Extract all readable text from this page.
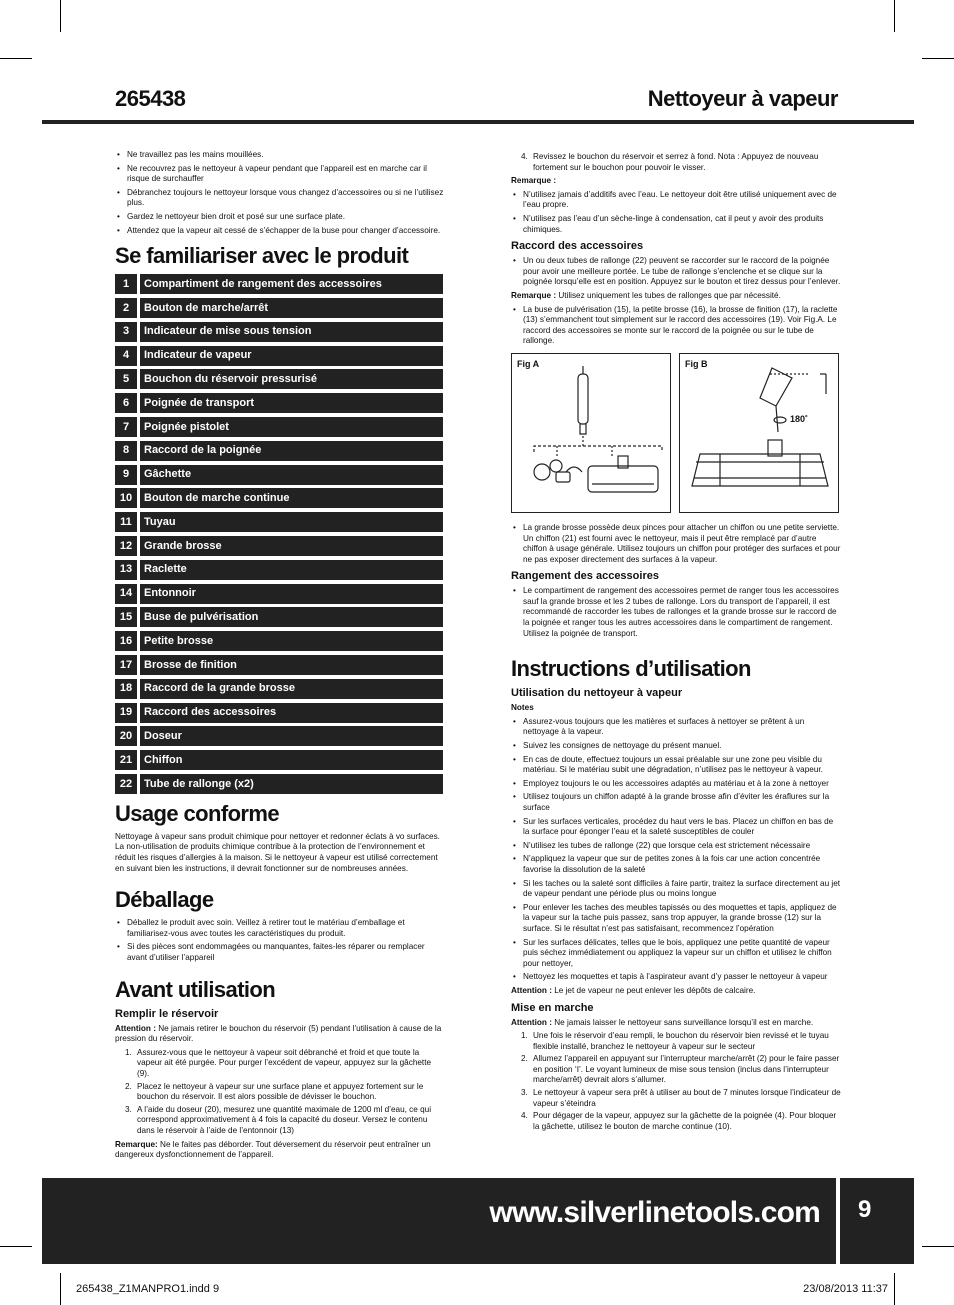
265438	Nettoyeur à vapeur
• Ne travaillez pas les mains mouillées.
• Ne recouvrez pas le nettoyeur à vapeur pendant que l’appareil est en marche car il risque de surchauffer
• Débranchez toujours le nettoyeur lorsque vous changez d’accessoires ou si ne l’utilisez plus.
• Gardez le nettoyeur bien droit et posé sur une surface plate.
• Attendez que la vapeur ait cessé de s’échapper de la buse pour changer d’accessoire.
Se familiariser avec le produit
1	Compartiment de rangement des accessoires
2	Bouton de marche/arrêt
3	Indicateur de mise sous tension
4	Indicateur de vapeur
5	Bouchon du réservoir pressurisé
6	Poignée de transport
7	Poignée pistolet
8	Raccord de la poignée
9	Gâchette
10	Bouton de marche continue
11	Tuyau
12	Grande brosse
13	Raclette
14	Entonnoir
15	Buse de pulvérisation
16	Petite brosse
17	Brosse de finition
18	Raccord de la grande brosse
19	Raccord des accessoires
20	Doseur
21	Chiffon
22	Tube de rallonge (x2)
Usage conforme

Nettoyage à vapeur sans produit chimique pour nettoyer et redonner éclats à vo surfaces. La non-utilisation de produits chimique contribue à la protection de l’environnement et réduit les risques d’allergies à la maison. Si le nettoyeur à vapeur est utilisé correctement en suivant bien les instructions, il devrait fonctionner sur de nombreuses années.

Déballage
• Déballez le produit avec soin. Veillez à retirer tout le matériau d’emballage et familiarisez-vous avec toutes les caractéristiques du produit.
• Si des pièces sont endommagées ou manquantes, faites-les réparer ou remplacer avant d’utiliser l’appareil
Avant utilisation
Remplir le réservoir

Attention : Ne jamais retirer le bouchon du réservoir (5) pendant l’utilisation à cause de la pression du réservoir.

1. Assurez-vous que le nettoyeur à vapeur soit débranché et froid et que toute la vapeur ait été purgée. Pour purger l’excédent de vapeur, appuyez sur la gâchette (9).
2. Placez le nettoyeur à vapeur sur une surface plane et appuyez fortement sur le bouchon du réservoir. Il est alors possible de dévisser le bouchon.
3. A l’aide du doseur (20), mesurez une quantité maximale de 1200 ml d’eau, ce qui correspond approximativement à 4 fois la capacité du doseur. Versez le contenu dans le réservoir à l’aide de l’entonnoir (13)

Remarque: Ne le faites pas déborder. Tout déversement du réservoir peut entraîner un dangereux dysfonctionnement de l’appareil.

4. Revissez le bouchon du réservoir et serrez à fond. Nota : Appuyez de nouveau fortement sur le bouchon pour pouvoir le visser.
Remarque :
• N’utilisez jamais d’additifs avec l’eau. Le nettoyeur doit être utilisé uniquement avec de l’eau propre.
• N’utilisez pas l’eau d’un sèche-linge à condensation, cat il peut y avoir des produits chimiques.
Raccord des accessoires
• Un ou deux tubes de rallonge (22) peuvent se raccorder sur le raccord de la poignée pour avoir une meilleure portée. Le tube de rallonge s’enclenche et se clique sur la poignée lorsqu’elle est en position. Appuyez sur le bouton et tirez dessus pour l’enlever.

Remarque : Utilisez uniquement les tubes de rallonges que par nécessité.

• La buse de pulvérisation (15), la petite brosse (16), la brosse de finition (17), la raclette (13) s’emmanchent tout simplement sur le raccord des accessoires (19). Voir Fig.A. Le raccord des accessoires se monte sur le raccord de la poignée ou sur le tube de rallonge.
Fig A	Fig B
180˚
• La grande brosse possède deux pinces pour attacher un chiffon ou une petite serviette. Un chiffon (21) est fourni avec le nettoyeur, mais il peut être remplacé par d’autre chiffon à usage générale. Utilisez toujours un chiffon pour protéger des surfaces et pour ne pas exposer directement des surfaces à la vapeur.
Rangement des accessoires
• Le compartiment de rangement des accessoires permet de ranger tous les accessoires sauf la grande brosse et les 2 tubes de rallonge. Lors du transport de l’appareil, il est recommandé de raccorder les tubes de rallonges et la grande brosse sur le raccord de la poignée et ranger tous les autres accessoires dans le compartiment de rangement. Utilisez la poignée de transport.
Instructions d’utilisation
Utilisation du nettoyeur à vapeur
Notes
• Assurez-vous toujours que les matières et surfaces à nettoyer se prêtent à un nettoyage à la vapeur.
• Suivez les consignes de nettoyage du présent manuel.
• En cas de doute, effectuez toujours un essai préalable sur une zone peu visible du matériau. Si le matériau subit une dégradation, n’utilisez pas le nettoyeur à vapeur.
• Employez toujours le ou les accessoires adaptés au matériau et à la zone à nettoyer
• Utilisez toujours un chiffon adapté à la grande brosse afin d’éviter les éraflures sur la surface
• Sur les surfaces verticales, procédez du haut vers le bas. Placez un chiffon en bas de la surface pour éponger l’eau et la saleté susceptibles de couler
• N’utilisez les tubes de rallonge (22) que lorsque cela est strictement nécessaire
• N’appliquez la vapeur que sur de petites zones à la fois car une action concentrée favorise la dissolution de la saleté
• Si les taches ou la saleté sont difficiles à faire partir, traitez la surface directement au jet de vapeur pendant une période plus ou moins longue
• Pour enlever les taches des meubles tapissés ou des moquettes et tapis, appliquez de la vapeur sur la tache puis passez, sans trop appuyer, la grande brosse (12) sur la surface. Si le résultat n’est pas satisfaisant, recommencez l’opération
• Sur les surfaces délicates, telles que le bois, appliquez une petite quantité de vapeur puis séchez immédiatement ou appliquez la vapeur sur un chiffon et utilisez le chiffon pour nettoyer,
• Nettoyez les moquettes et tapis à l’aspirateur avant d’y passer le nettoyeur à vapeur

Attention : Le jet de vapeur ne peut enlever les dépôts de calcaire.

Mise en marche

Attention : Ne jamais laisser le nettoyeur sans surveillance lorsqu’il est en marche.

1. Une fois le réservoir d’eau rempli, le bouchon du réservoir bien revissé et le tuyau flexible installé, branchez le nettoyeur à vapeur sur le secteur
2. Allumez l’appareil en appuyant sur l’interrupteur marche/arrêt (2) pour le faire passer en position ‘I’. Le voyant lumineux de mise sous tension (inclus dans l’interrupteur marche/arrêt) devrait alors s’allumer.
3. Le nettoyeur à vapeur sera prêt à utiliser au bout de 7 minutes lorsque l’indicateur de vapeur s’éteindra
4. Pour dégager de la vapeur, appuyez sur la gâchette de la poignée (4). Pour bloquer la gâchette, utilisez le bouton de marche continue (10).
www.silverlinetools.com 9
265438_Z1MANPRO1.indd 9	23/08/2013 11:37
